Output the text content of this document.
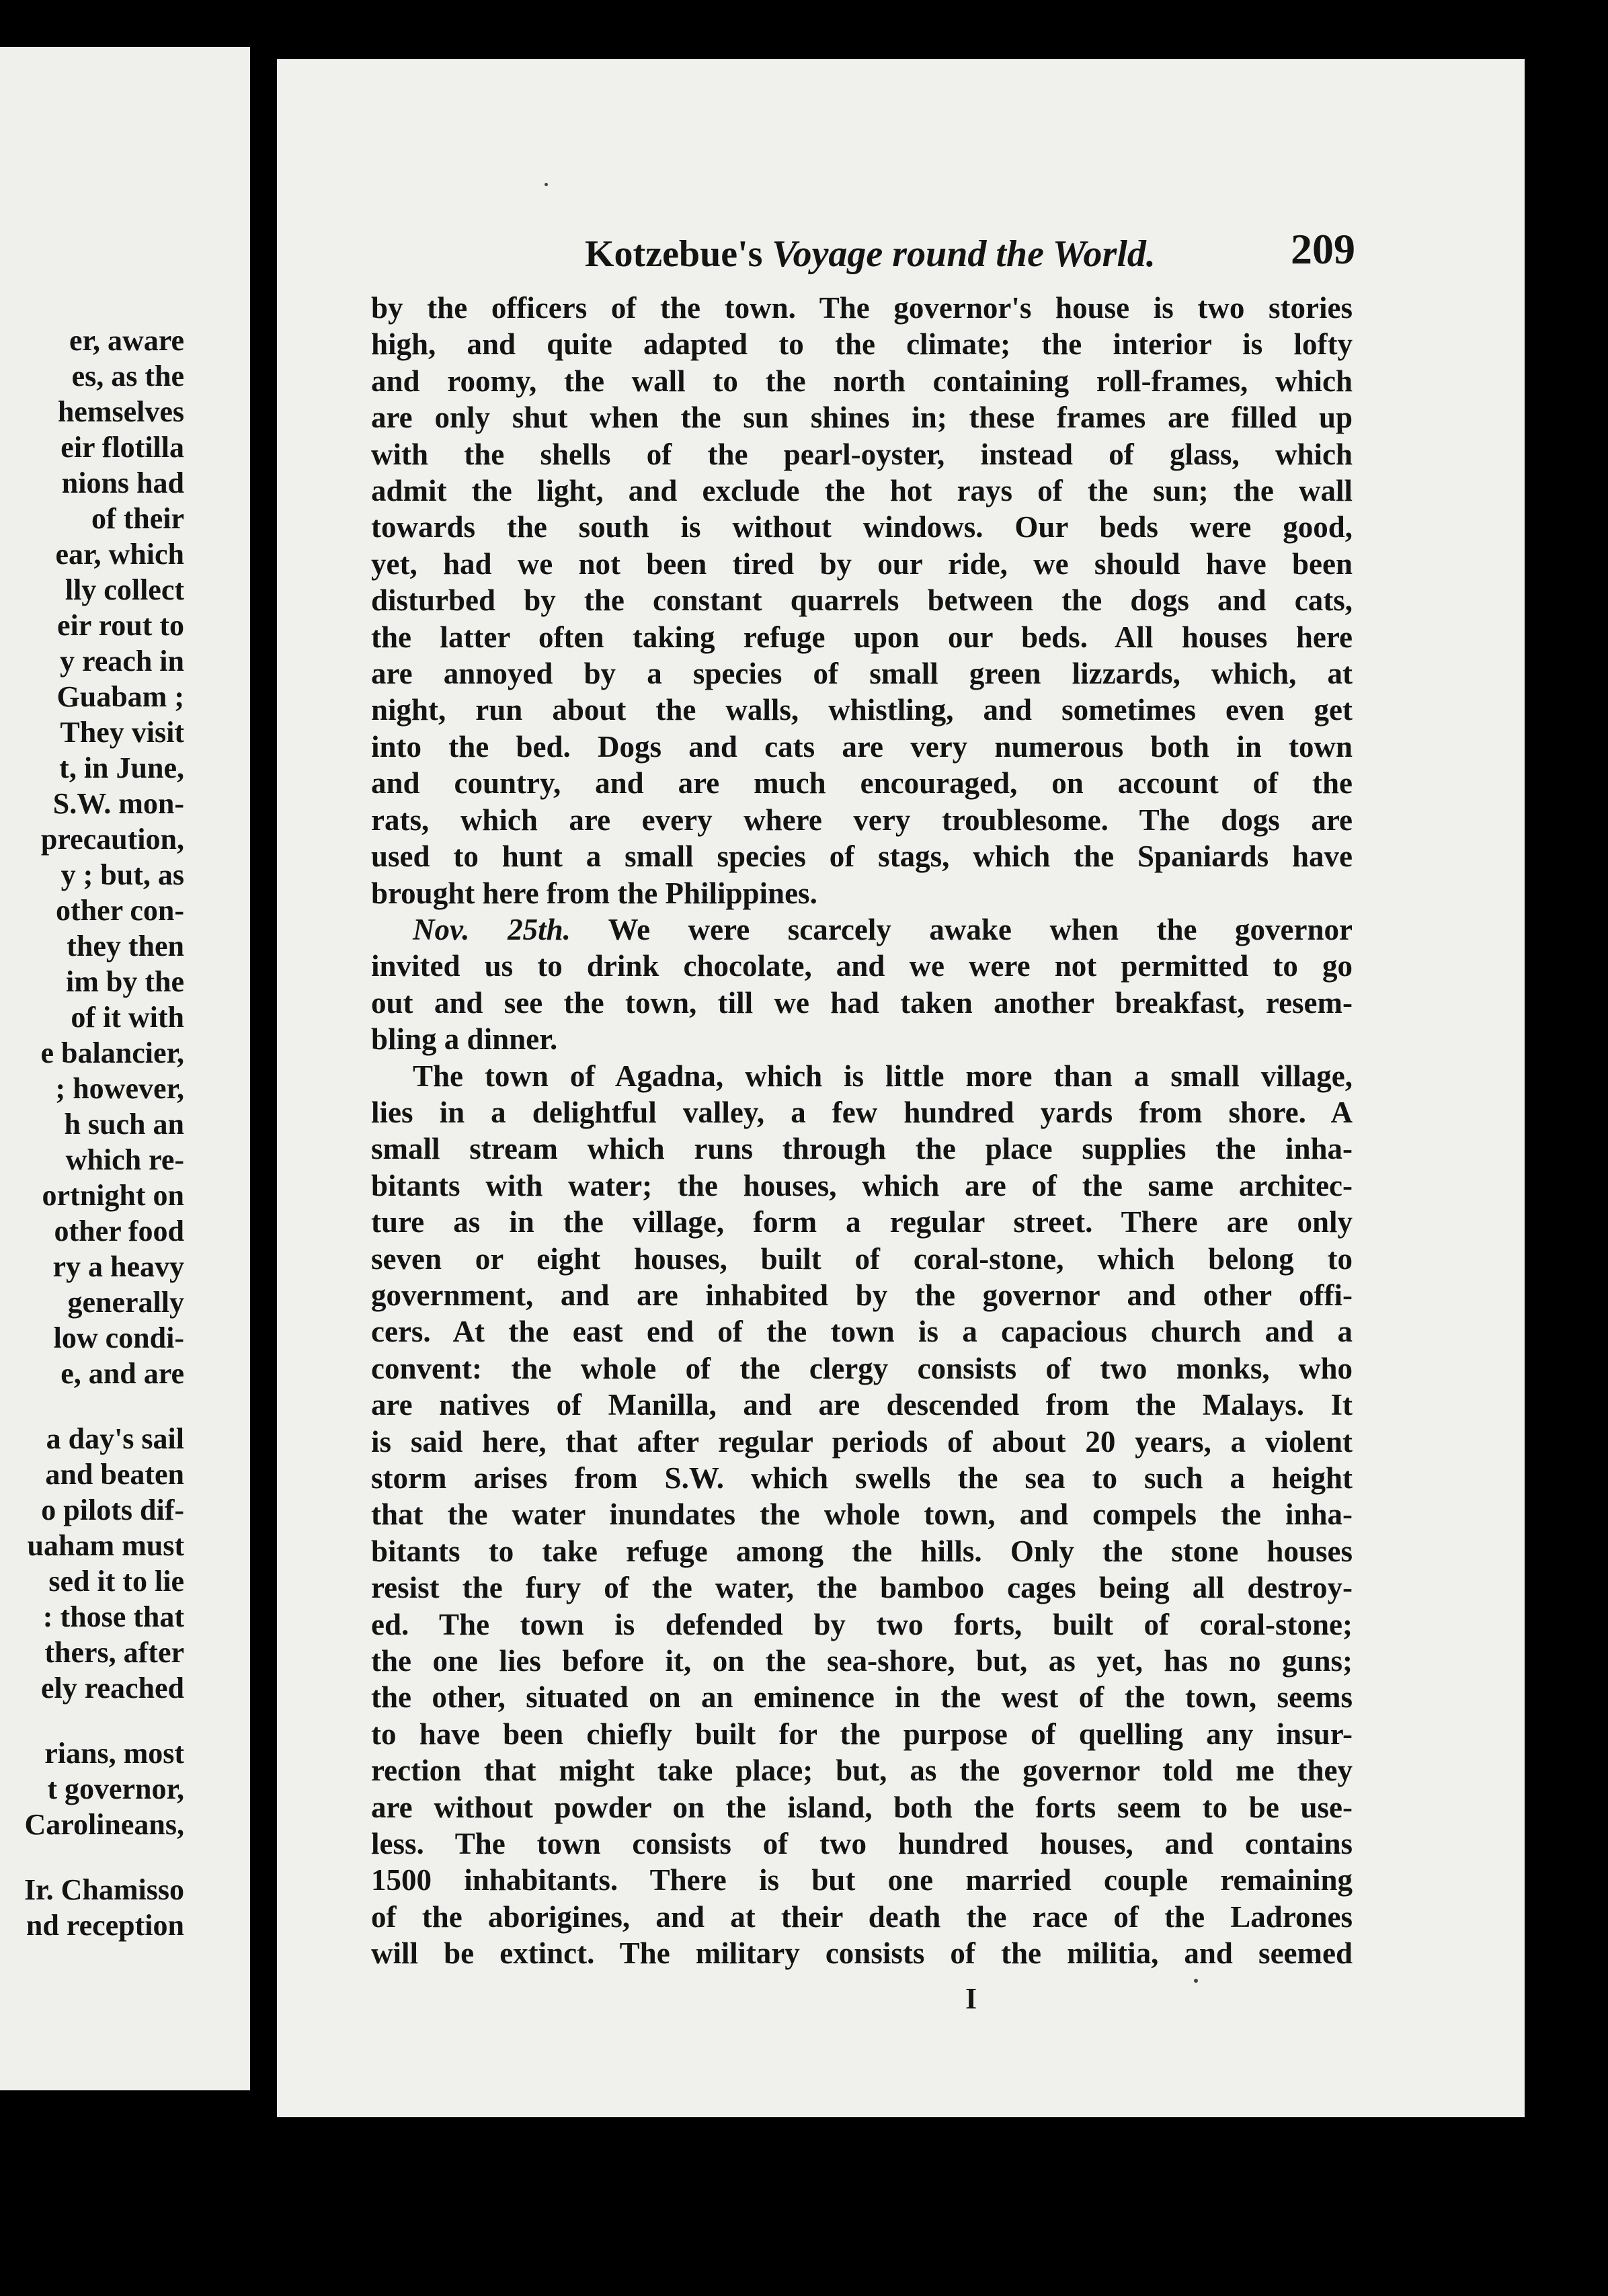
er, aware
es, as the
hemselves
eir flotilla
nions had
of their
ear, which
lly collect
eir rout to
y reach in
Guabam ;
They visit
t, in June,
S.W. mon-
precaution,
y ; but, as
other con-
they then
im by the
of it with
e balancier,
; however,
h such an
which re-
ortnight on
other food
ry a heavy
generally
low condi-
e, and are
a day's sail
and beaten
o pilots dif-
uaham must
sed it to lie
: those that
thers, after
ely reached
rians, most
t governor,
Carolineans,
Ir. Chamisso
nd reception
Kotzebue's Voyage round the World.	209
by the officers of the town. The governor's house is two stories
high, and quite adapted to the climate; the interior is lofty
and roomy, the wall to the north containing roll-frames, which
are only shut when the sun shines in; these frames are filled up
with the shells of the pearl-oyster, instead of glass, which
admit the light, and exclude the hot rays of the sun; the wall
towards the south is without windows. Our beds were good,
yet, had we not been tired by our ride, we should have been
disturbed by the constant quarrels between the dogs and cats,
the latter often taking refuge upon our beds. All houses here
are annoyed by a species of small green lizzards, which, at
night, run about the walls, whistling, and sometimes even get
into the bed. Dogs and cats are very numerous both in town
and country, and are much encouraged, on account of the
rats, which are every where very troublesome. The dogs are
used to hunt a small species of stags, which the Spaniards have
brought here from the Philippines.
Nov. 25th. We were scarcely awake when the governor
invited us to drink chocolate, and we were not permitted to go
out and see the town, till we had taken another breakfast, resem-
bling a dinner.
The town of Agadna, which is little more than a small village,
lies in a delightful valley, a few hundred yards from shore. A
small stream which runs through the place supplies the inha-
bitants with water; the houses, which are of the same architec-
ture as in the village, form a regular street. There are only
seven or eight houses, built of coral-stone, which belong to
government, and are inhabited by the governor and other offi-
cers. At the east end of the town is a capacious church and a
convent: the whole of the clergy consists of two monks, who
are natives of Manilla, and are descended from the Malays. It
is said here, that after regular periods of about 20 years, a violent
storm arises from S.W. which swells the sea to such a height
that the water inundates the whole town, and compels the inha-
bitants to take refuge among the hills. Only the stone houses
resist the fury of the water, the bamboo cages being all destroy-
ed. The town is defended by two forts, built of coral-stone;
the one lies before it, on the sea-shore, but, as yet, has no guns;
the other, situated on an eminence in the west of the town, seems
to have been chiefly built for the purpose of quelling any insur-
rection that might take place; but, as the governor told me they
are without powder on the island, both the forts seem to be use-
less. The town consists of two hundred houses, and contains
1500 inhabitants. There is but one married couple remaining
of the aborigines, and at their death the race of the Ladrones
will be extinct. The military consists of the militia, and seemed
I
